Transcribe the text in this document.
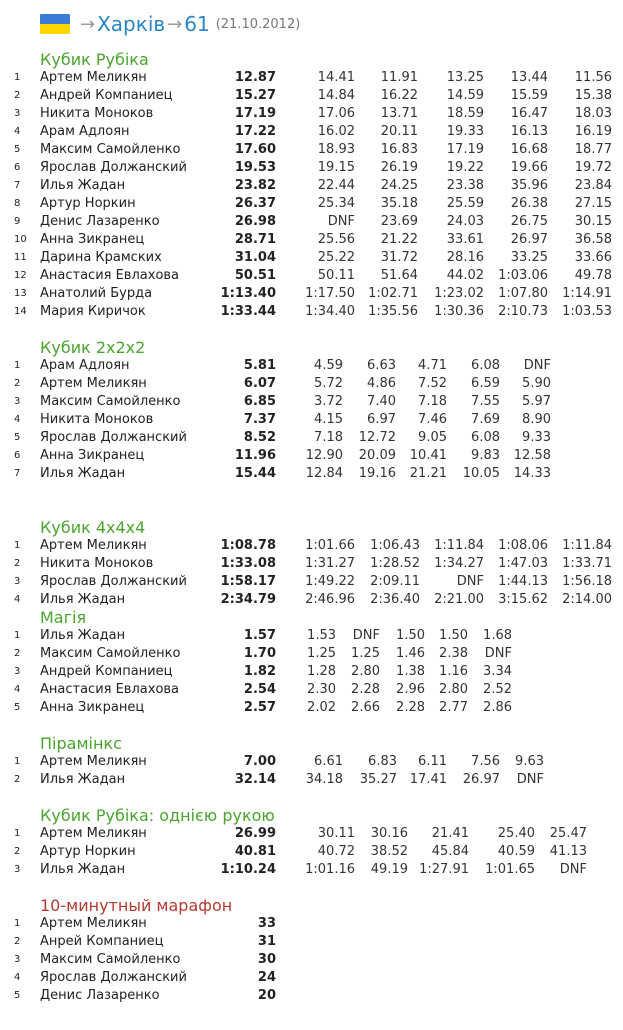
→ Харків → 61 (21.10.2012)
Кубик Рубіка
1	Артем Меликян	12.87	14.41 11.91 13.25 13.44 11.56
2	Андрей Компаниец	15.27	14.84 16.22 14.59 15.59 15.38
3	Никита Моноков	17.19	17.06 13.71 18.59 16.47 18.03
4	Арам Адлоян	17.22	16.02 20.11 19.33 16.13 16.19
5	Максим Самойленко	17.60	18.93 16.83 17.19 16.68 18.77
6	Ярослав Должанский	19.53	19.15 26.19 19.22 19.66 19.72
7	Илья Жадан	23.82	22.44 24.25 23.38 35.96 23.84
8	Артур Норкин	26.37	25.34 35.18 25.59 26.38 27.15
9	Денис Лазаренко	26.98	DNF 23.69 24.03 26.75 30.15
10 Анна Зикранец	28.71	25.56 21.22 33.61 26.97 36.58
11 Дарина Крамских	31.04	25.22 31.72 28.16 33.25 33.66
12 Анастасия Евлахова	50.51	50.11 51.64 44.02 1:03.06 49.78
13 Анатолий Бурда	1:13.40 1:17.50 1:02.71 1:23.02 1:07.80 1:14.91
14 Мария Киричок	1:33.44 1:34.40 1:35.56 1:30.36 2:10.73 1:03.53
Кубик 2x2x2
1	Арам Адлоян	5.81	4.59 6.63 4.71 6.08 DNF
2	Артем Меликян	6.07	5.72 4.86 7.52 6.59 5.90
3	Максим Самойленко	6.85	3.72 7.40 7.18 7.55 5.97
4	Никита Моноков	7.37	4.15 6.97 7.46 7.69 8.90
5	Ярослав Должанский	8.52	7.18 12.72 9.05 6.08 9.33
6	Анна Зикранец	11.96 12.90 20.09 10.41 9.83 12.58
7	Илья Жадан	15.44 12.84 19.16 21.21 10.05 14.33
Кубик 4x4x4
1	Артем Меликян	1:08.78 1:01.66 1:06.43 1:11.84 1:08.06 1:11.84
2	Никита Моноков	1:33.08 1:31.27 1:28.52 1:34.27 1:47.03 1:33.71
3	Ярослав Должанский	1:58.17 1:49.22 2:09.11	DNF 1:44.13 1:56.18
4	Илья Жадан	2:34.79 2:46.96 2:36.40 2:21.00 3:15.62 2:14.00
Магія
1	Илья Жадан	1.57 1.53 DNF 1.50 1.50 1.68
2	Максим Самойленко	1.70 1.25 1.25 1.46 2.38 DNF
3	Андрей Компаниец	1.82 1.28 2.80 1.38 1.16 3.34
4	Анастасия Евлахова	2.54 2.30 2.28 2.96 2.80 2.52
5	Анна Зикранец	2.57 2.02 2.66 2.28 2.77 2.86
Пірамінкс
1	Артем Меликян	7.00	6.61 6.83 6.11 7.56 9.63
2	Илья Жадан	32.14 34.18 35.27 17.41 26.97 DNF
Кубик Рубіка: однією рукою
1	Артем Меликян	26.99	30.11 30.16 21.41 25.40 25.47
2	Артур Норкин	40.81	40.72 38.52 45.84 40.59 41.13
3	Илья Жадан	1:10.24 1:01.16 49.19 1:27.91 1:01.65 DNF
10-минутный марафон
1	Артем Меликян	33
2	Анрей Компаниец	31
3	Максим Самойленко	30
4	Ярослав Должанский	24
5	Денис Лазаренко	20
